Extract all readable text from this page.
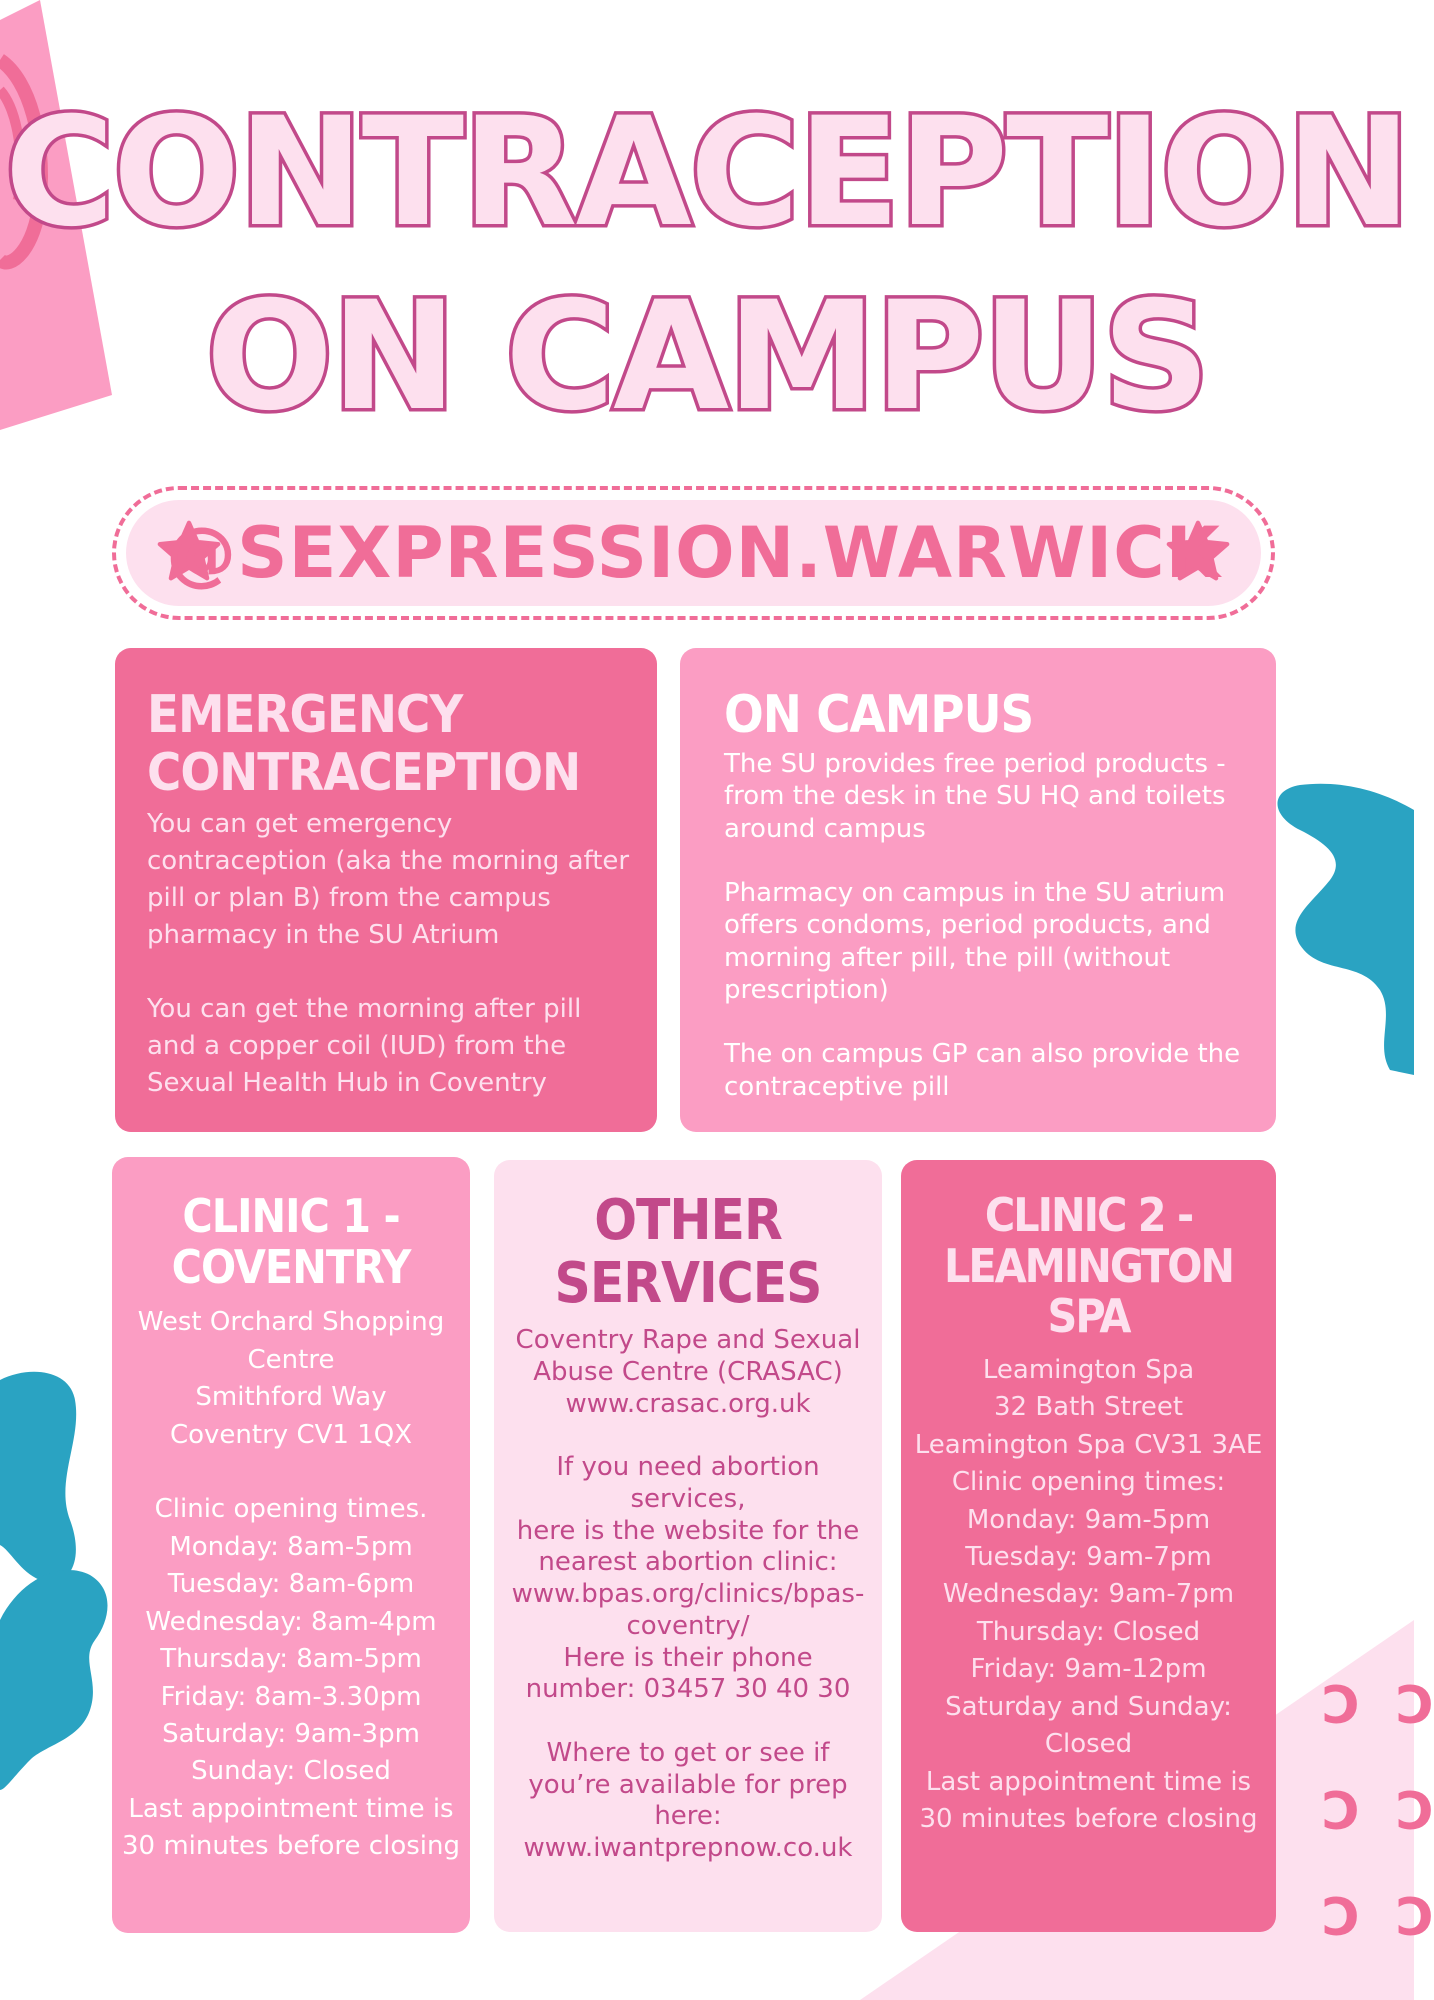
Ɔ
Ɔ
Ɔ
Ɔ
Ɔ
Ɔ
CONTRACEPTION
ON CAMPUS
@SEXPRESSION.WARWICK
EMERGENCY
CONTRACEPTION

You can get emergency contraception (aka the morning after pill or plan B) from the campus pharmacy in the SU Atrium

You can get the morning after pill and a copper coil (IUD) from the Sexual Health Hub in Coventry

ON CAMPUS

The SU provides free period products - from the desk in the SU HQ and toilets around campus

Pharmacy on campus in the SU atrium offers condoms, period products, and morning after pill, the pill (without prescription)

The on campus GP can also provide the contraceptive pill

CLINIC 1 -
COVENTRY

West Orchard Shopping Centre
Smithford Way
Coventry CV1 1QX

Clinic opening times.
Monday: 8am-5pm
Tuesday: 8am-6pm
Wednesday: 8am-4pm
Thursday: 8am-5pm
Friday: 8am-3.30pm
Saturday: 9am-3pm
Sunday: Closed
Last appointment time is 30 minutes before closing

OTHER
SERVICES

Coventry Rape and Sexual Abuse Centre (CRASAC)
www.crasac.org.uk

If you need abortion services,
here is the website for the nearest abortion clinic:
www.bpas.org/clinics/bpas-coventry/
Here is their phone number: 03457 30 40 30

Where to get or see if you’re available for prep here:
www.iwantprepnow.co.uk

CLINIC 2 -
LEAMINGTON SPA

Leamington Spa
32 Bath Street
Leamington Spa CV31 3AE
Clinic opening times:
Monday: 9am-5pm
Tuesday: 9am-7pm
Wednesday: 9am-7pm
Thursday: Closed
Friday: 9am-12pm
Saturday and Sunday: Closed
Last appointment time is 30 minutes before closing
